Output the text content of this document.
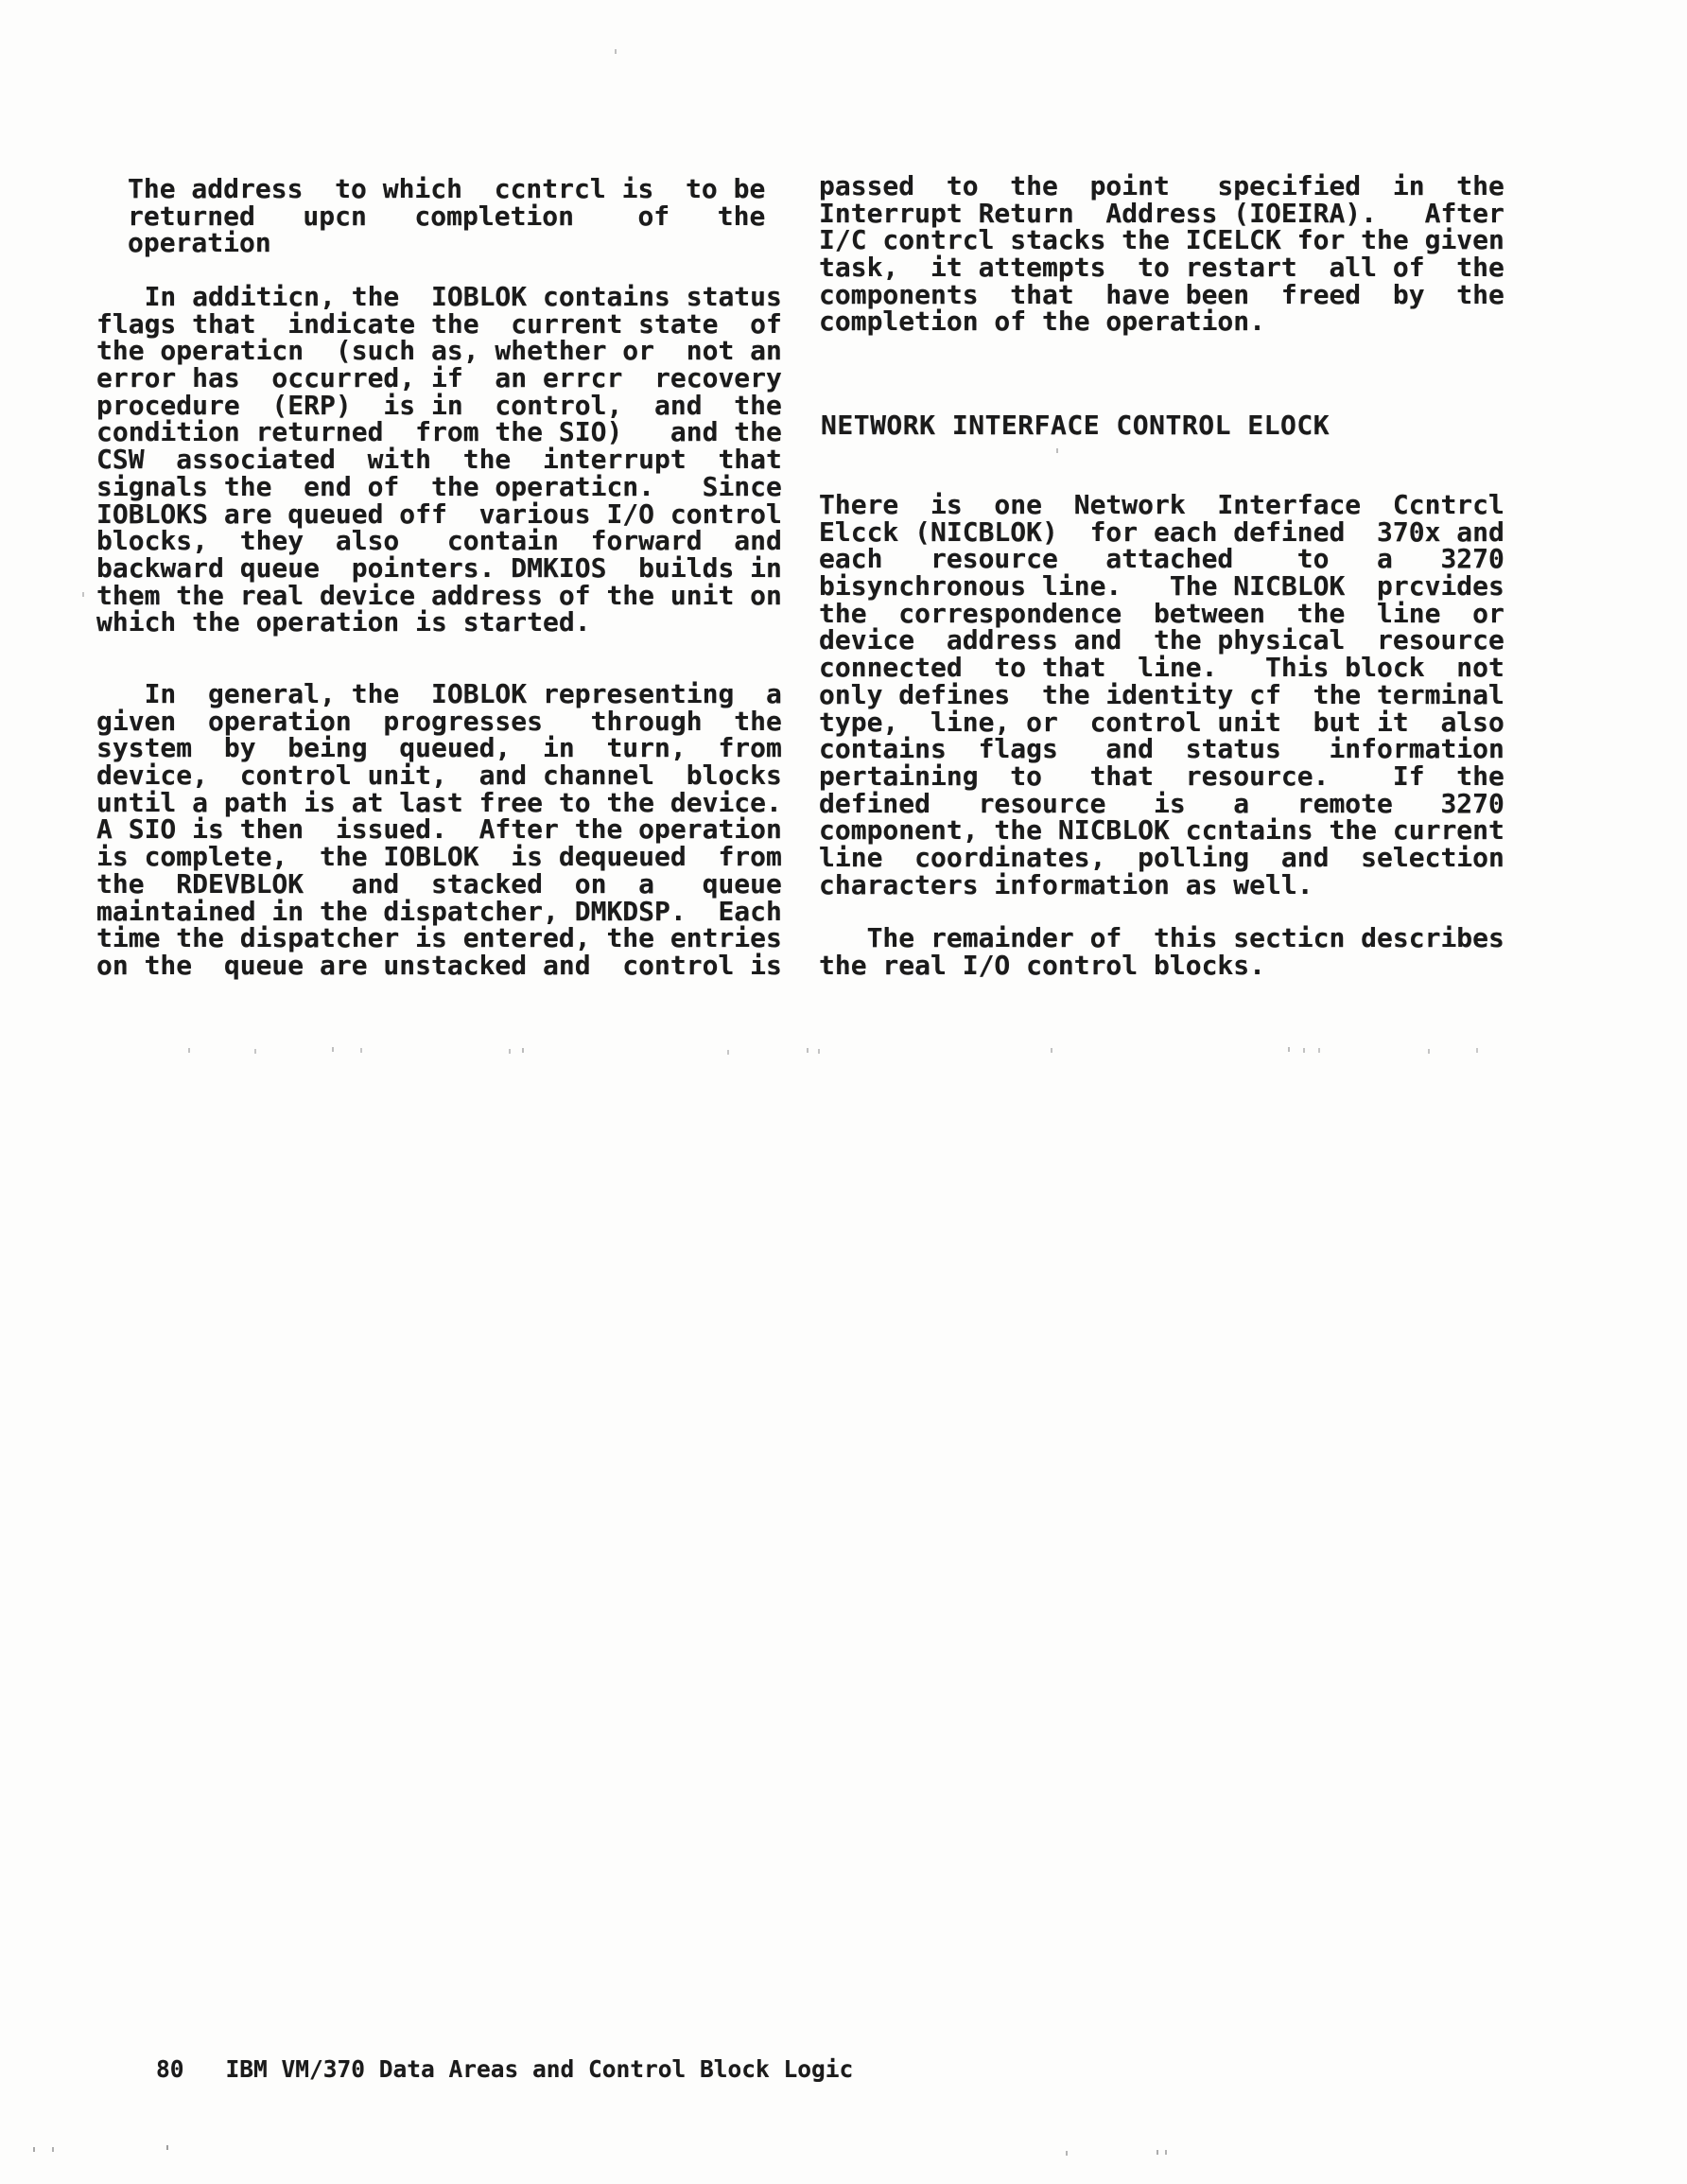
The address  to which  ccntrcl is  to be
returned   upcn   completion    of   the
operation
In additicn, the  IOBLOK contains status
flags that  indicate the  current state  of
the operaticn  (such as, whether or  not an
error has  occurred, if  an errcr  recovery
procedure  (ERP)  is in  control,  and  the
condition returned  from the SIO)   and the
CSW  associated  with  the  interrupt  that
signals the  end of  the operaticn.   Since
IOBLOKS are queued off  various I/O control
blocks,  they  also   contain  forward  and
backward queue  pointers. DMKIOS  builds in
them the real device address of the unit on
which the operation is started.
In  general, the  IOBLOK representing  a
given  operation  progresses   through  the
system  by  being  queued,  in  turn,  from
device,  control unit,  and channel  blocks
until a path is at last free to the device.
A SIO is then  issued.  After the operation
is complete,  the IOBLOK  is dequeued  from
the  RDEVBLOK   and  stacked  on  a   queue
maintained in the dispatcher, DMKDSP.  Each
time the dispatcher is entered, the entries
on the  queue are unstacked and  control is
passed  to  the  point   specified  in  the
Interrupt Return  Address (IOEIRA).   After
I/C contrcl stacks the ICELCK for the given
task,  it attempts  to restart  all of  the
components  that  have been  freed  by  the
completion of the operation.
NETWORK INTERFACE CONTROL ELOCK
There  is  one  Network  Interface  Ccntrcl
Elcck (NICBLOK)  for each defined  370x and
each   resource   attached    to   a   3270
bisynchronous line.   The NICBLOK  prcvides
the  correspondence  between  the  line  or
device  address and  the physical  resource
connected  to that  line.   This block  not
only defines  the identity cf  the terminal
type,  line, or  control unit  but it  also
contains  flags   and  status   information
pertaining  to   that  resource.    If  the
defined   resource   is   a   remote   3270
component, the NICBLOK ccntains the current
line  coordinates,  polling  and  selection
characters information as well.
The remainder of  this secticn describes
the real I/O control blocks.

80 IBM VM/370 Data Areas and Control Block Logic
